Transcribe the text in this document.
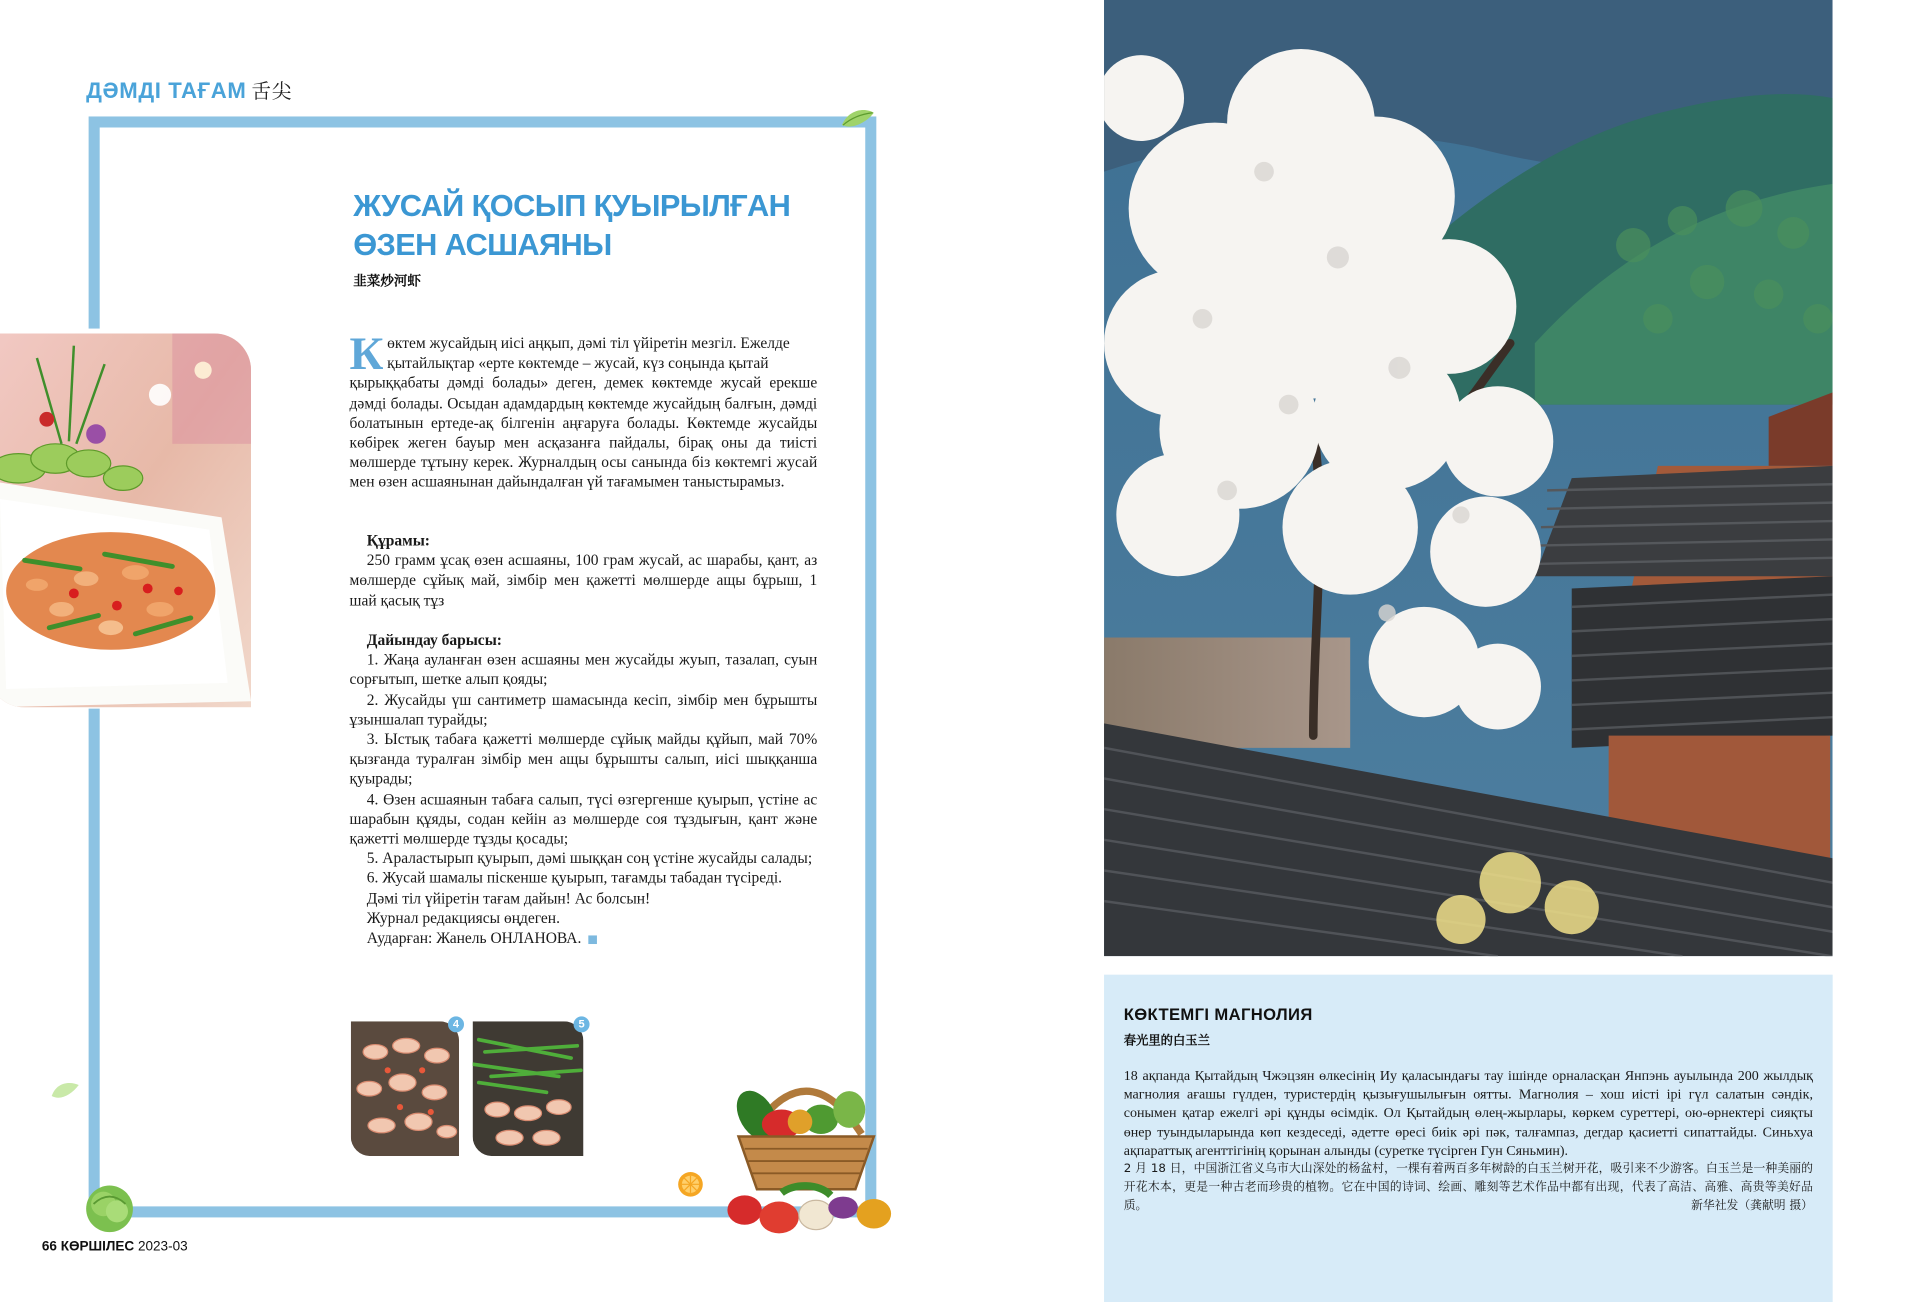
ДӘМДІ ТАҒАМ 舌尖
ЖУСАЙ ҚОСЫП ҚУЫРЫЛҒАН
ӨЗЕН АСШАЯНЫ
韭菜炒河虾
К өктем жусайдың иісі аңқып, дәмі тіл үйіретін мезгіл. Ежелде
қытайлықтар «ерте көктемде – жусай, күз соңында қытай
қырыққабаты дәмді болады» деген, демек көктемде жусай ерекше дәмді болады. Осыдан адамдардың көктемде жусайдың балғын, дәмді болатынын ертеде-ақ білгенін аңғаруға болады. Көктемде жусайды көбірек жеген бауыр мен асқазанға пайдалы, бірақ оны да тиісті мөлшерде тұтыну керек. Журналдың осы санында біз көктемгі жусай мен өзен асшаянынан дайындалған үй тағамымен таныстырамыз.
Құрамы:
250 грамм ұсақ өзен асшаяны, 100 грам жусай, ас шарабы, қант, аз мөлшерде сұйық май, зімбір мен қажетті мөлшерде ащы бұрыш, 1 шай қасық тұз
Дайындау барысы:
1. Жаңа ауланған өзен асшаяны мен жусайды жуып, тазалап, суын сорғытып, шетке алып қояды;
2. Жусайды үш сантиметр шамасында кесіп, зімбір мен бұрышты ұзыншалап турайды;
3. Ыстық табаға қажетті мөлшерде сұйық майды құйып, май 70% қызғанда туралған зімбір мен ащы бұрышты салып, иісі шыққанша қуырады;
4. Өзен асшаянын табаға салып, түсі өзгергенше қуырып, үстіне ас шарабын құяды, содан кейін аз мөлшерде соя тұздығын, қант және қажетті мөлшерде тұзды қосады;
5. Араластырып қуырып, дәмі шыққан соң үстіне жусайды салады;
6. Жусай шамалы піскенше қуырып, тағамды табадан түсіреді.
Дәмі тіл үйіретін тағам дайын! Ас болсын!
Журнал редакциясы өңдеген.
Аударған: Жанель ОНЛАНОВА.
4	5
66 КӨРШІЛЕС 2023-03
КӨКТЕМГІ МАГНОЛИЯ
春光里的白玉兰
18 ақпанда Қытайдың Чжэцзян өлкесінің Иу қаласындағы тау ішінде орналасқан Янпэнь ауылында 200 жылдық магнолия ағашы гүлден, туристердің қызығушылығын оятты. Магнолия – хош иісті ірі гүл салатын сәндік, сонымен қатар ежелгі әрі құнды өсімдік. Ол Қытайдың өлең-жырлары, көркем суреттері, ою-өрнектері сияқты өнер туындыларында көп кездеседі, әдетте өресі биік әрі пәк, талғампаз, дегдар қасиетті сипаттайды. Синьхуа ақпараттық агенттігінің қорынан алынды (суретке түсірген Гун Сяньмин).
2 月 18 日，中国浙江省义乌市大山深处的杨盆村，一棵有着两百多年树龄的白玉兰树开花，吸引来不少游客。白玉兰是一种美丽的开花木本，更是一种古老而珍贵的植物。它在中国的诗词、绘画、雕刻等艺术作品中都有出现，代表了高洁、高雅、高贵等美好品质。	新华社发（龚献明 摄）
